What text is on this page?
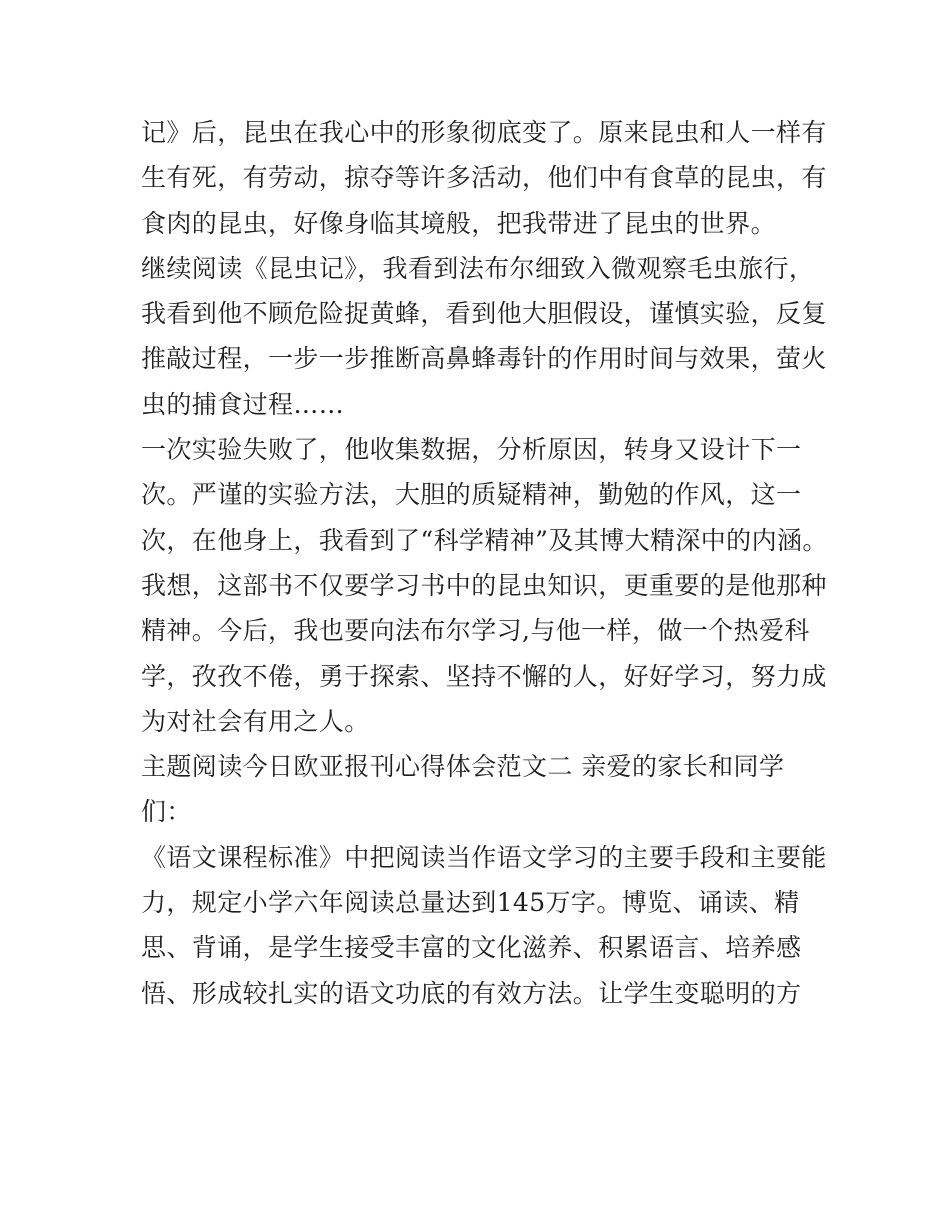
记》后，昆虫在我心中的形象彻底变了。原来昆虫和人一样有
生有死，有劳动，掠夺等许多活动，他们中有食草的昆虫，有
食肉的昆虫，好像身临其境般，把我带进了昆虫的世界。
继续阅读《昆虫记》，我看到法布尔细致入微观察毛虫旅行，
我看到他不顾危险捉黄蜂，看到他大胆假设，谨慎实验，反复
推敲过程，一步一步推断高鼻蜂毒针的作用时间与效果，萤火
虫的捕食过程……
一次实验失败了，他收集数据，分析原因，转身又设计下一
次。严谨的实验方法，大胆的质疑精神，勤勉的作风，这一
次，在他身上，我看到了“科学精神”及其博大精深中的内涵。
我想，这部书不仅要学习书中的昆虫知识，更重要的是他那种
精神。今后，我也要向法布尔学习,与他一样，做一个热爱科
学，孜孜不倦，勇于探索、坚持不懈的人，好好学习，努力成
为对社会有用之人。
主题阅读今日欧亚报刊心得体会范文二 亲爱的家长和同学
们：
《语文课程标准》中把阅读当作语文学习的主要手段和主要能
力，规定小学六年阅读总量达到145万字。博览、诵读、精
思、背诵，是学生接受丰富的文化滋养、积累语言、培养感
悟、形成较扎实的语文功底的有效方法。让学生变聪明的方
